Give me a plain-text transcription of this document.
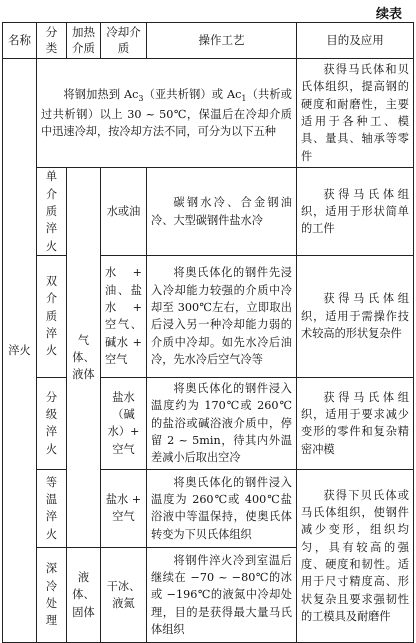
续表
名称	分类	加热介质	冷却介质	操作工艺	目的及应用
淬火	将钢加热到 $Ac_3$（亚共析钢）或 $Ac_1$（共析或过共析钢）以上 30 ~ 50℃，保温后在冷却介质中迅速冷却，按冷却方法不同，可分为以下五种				获得马氏体和贝氏体组织，提高钢的硬度和耐磨性，主要适用于各种工、模具、量具、轴承等零件
	单介质淬火	气体、液体	水或油	碳钢水冷、合金钢油冷、大型碳钢件盐水冷	获得马氏体组织，适用于形状简单的工件
	双介质淬火		水 + 油、盐水 + 空气、碱水 + 空气	将奥氏体化的钢件先浸入冷却能力较强的介质中冷却至 300℃左右，立即取出后浸入另一种冷却能力弱的介质中冷却。如先水冷后油冷，先水冷后空气冷等	获得马氏体组织，适用于需操作技术较高的形状复杂件
	分级淬火		盐水（碱水）+ 空气	将奥氏体化的钢件浸入温度约为 170℃或 260℃的盐浴或碱浴液介质中，停留 2 ~ 5min，待其内外温差减小后取出空冷	获得马氏体组织，适用于要求减少变形的零件和复杂精密冲模
	等温淬火		盐水 + 空气	将奥氏体化的钢件浸入温度为 260℃或 400℃盐浴液中等温保持，使奥氏体转变为下贝氏体组织	获得下贝氏体或马氏体组织，使钢件减少变形，组织均匀，具有较高的强度、硬度和韧性。适用于尺寸精度高、形状复杂且要求强韧性的工模具及耐磨件
	深冷处理	液体、固体	干冰、液氮	将钢件淬火冷到室温后继续在 −70 ~ −80℃的冰或 −196℃的液氮中冷却处理，目的是获得最大量马氏体组织	
